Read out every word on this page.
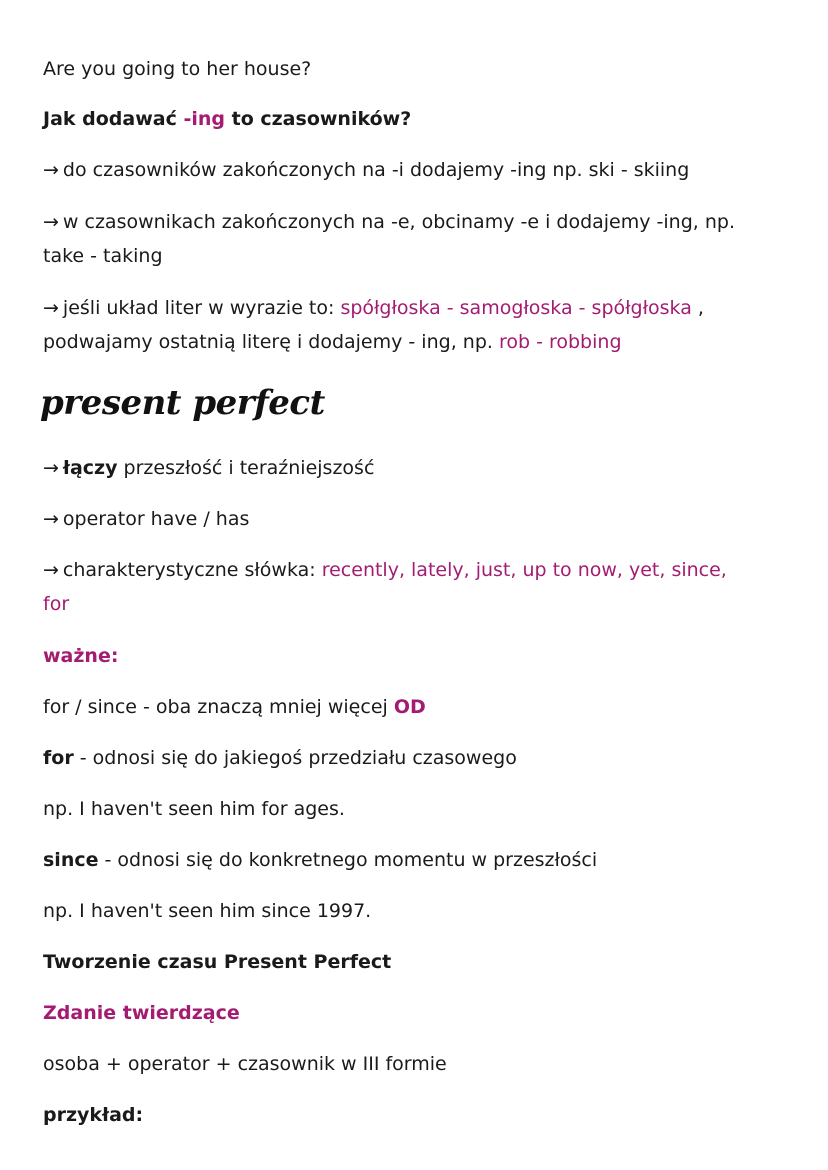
Are you going to her house?
Jak dodawać -ing to czasowników?
→ do czasowników zakończonych na -i dodajemy -ing np. ski - skiing
→ w czasownikach zakończonych na -e, obcinamy -e i dodajemy -ing, np.
take - taking
→ jeśli układ liter w wyrazie to: spółgłoska - samogłoska - spółgłoska ,
podwajamy ostatnią literę i dodajemy - ing, np. rob - robbing
present perfect
→ łączy przeszłość i teraźniejszość
→ operator have / has
→ charakterystyczne słówka: recently, lately, just, up to now, yet, since,
for
ważne:
for / since - oba znaczą mniej więcej OD
for - odnosi się do jakiegoś przedziału czasowego
np. I haven't seen him for ages.
since - odnosi się do konkretnego momentu w przeszłości
np. I haven't seen him since 1997.
Tworzenie czasu Present Perfect
Zdanie twierdzące
osoba + operator + czasownik w III formie
przykład:
